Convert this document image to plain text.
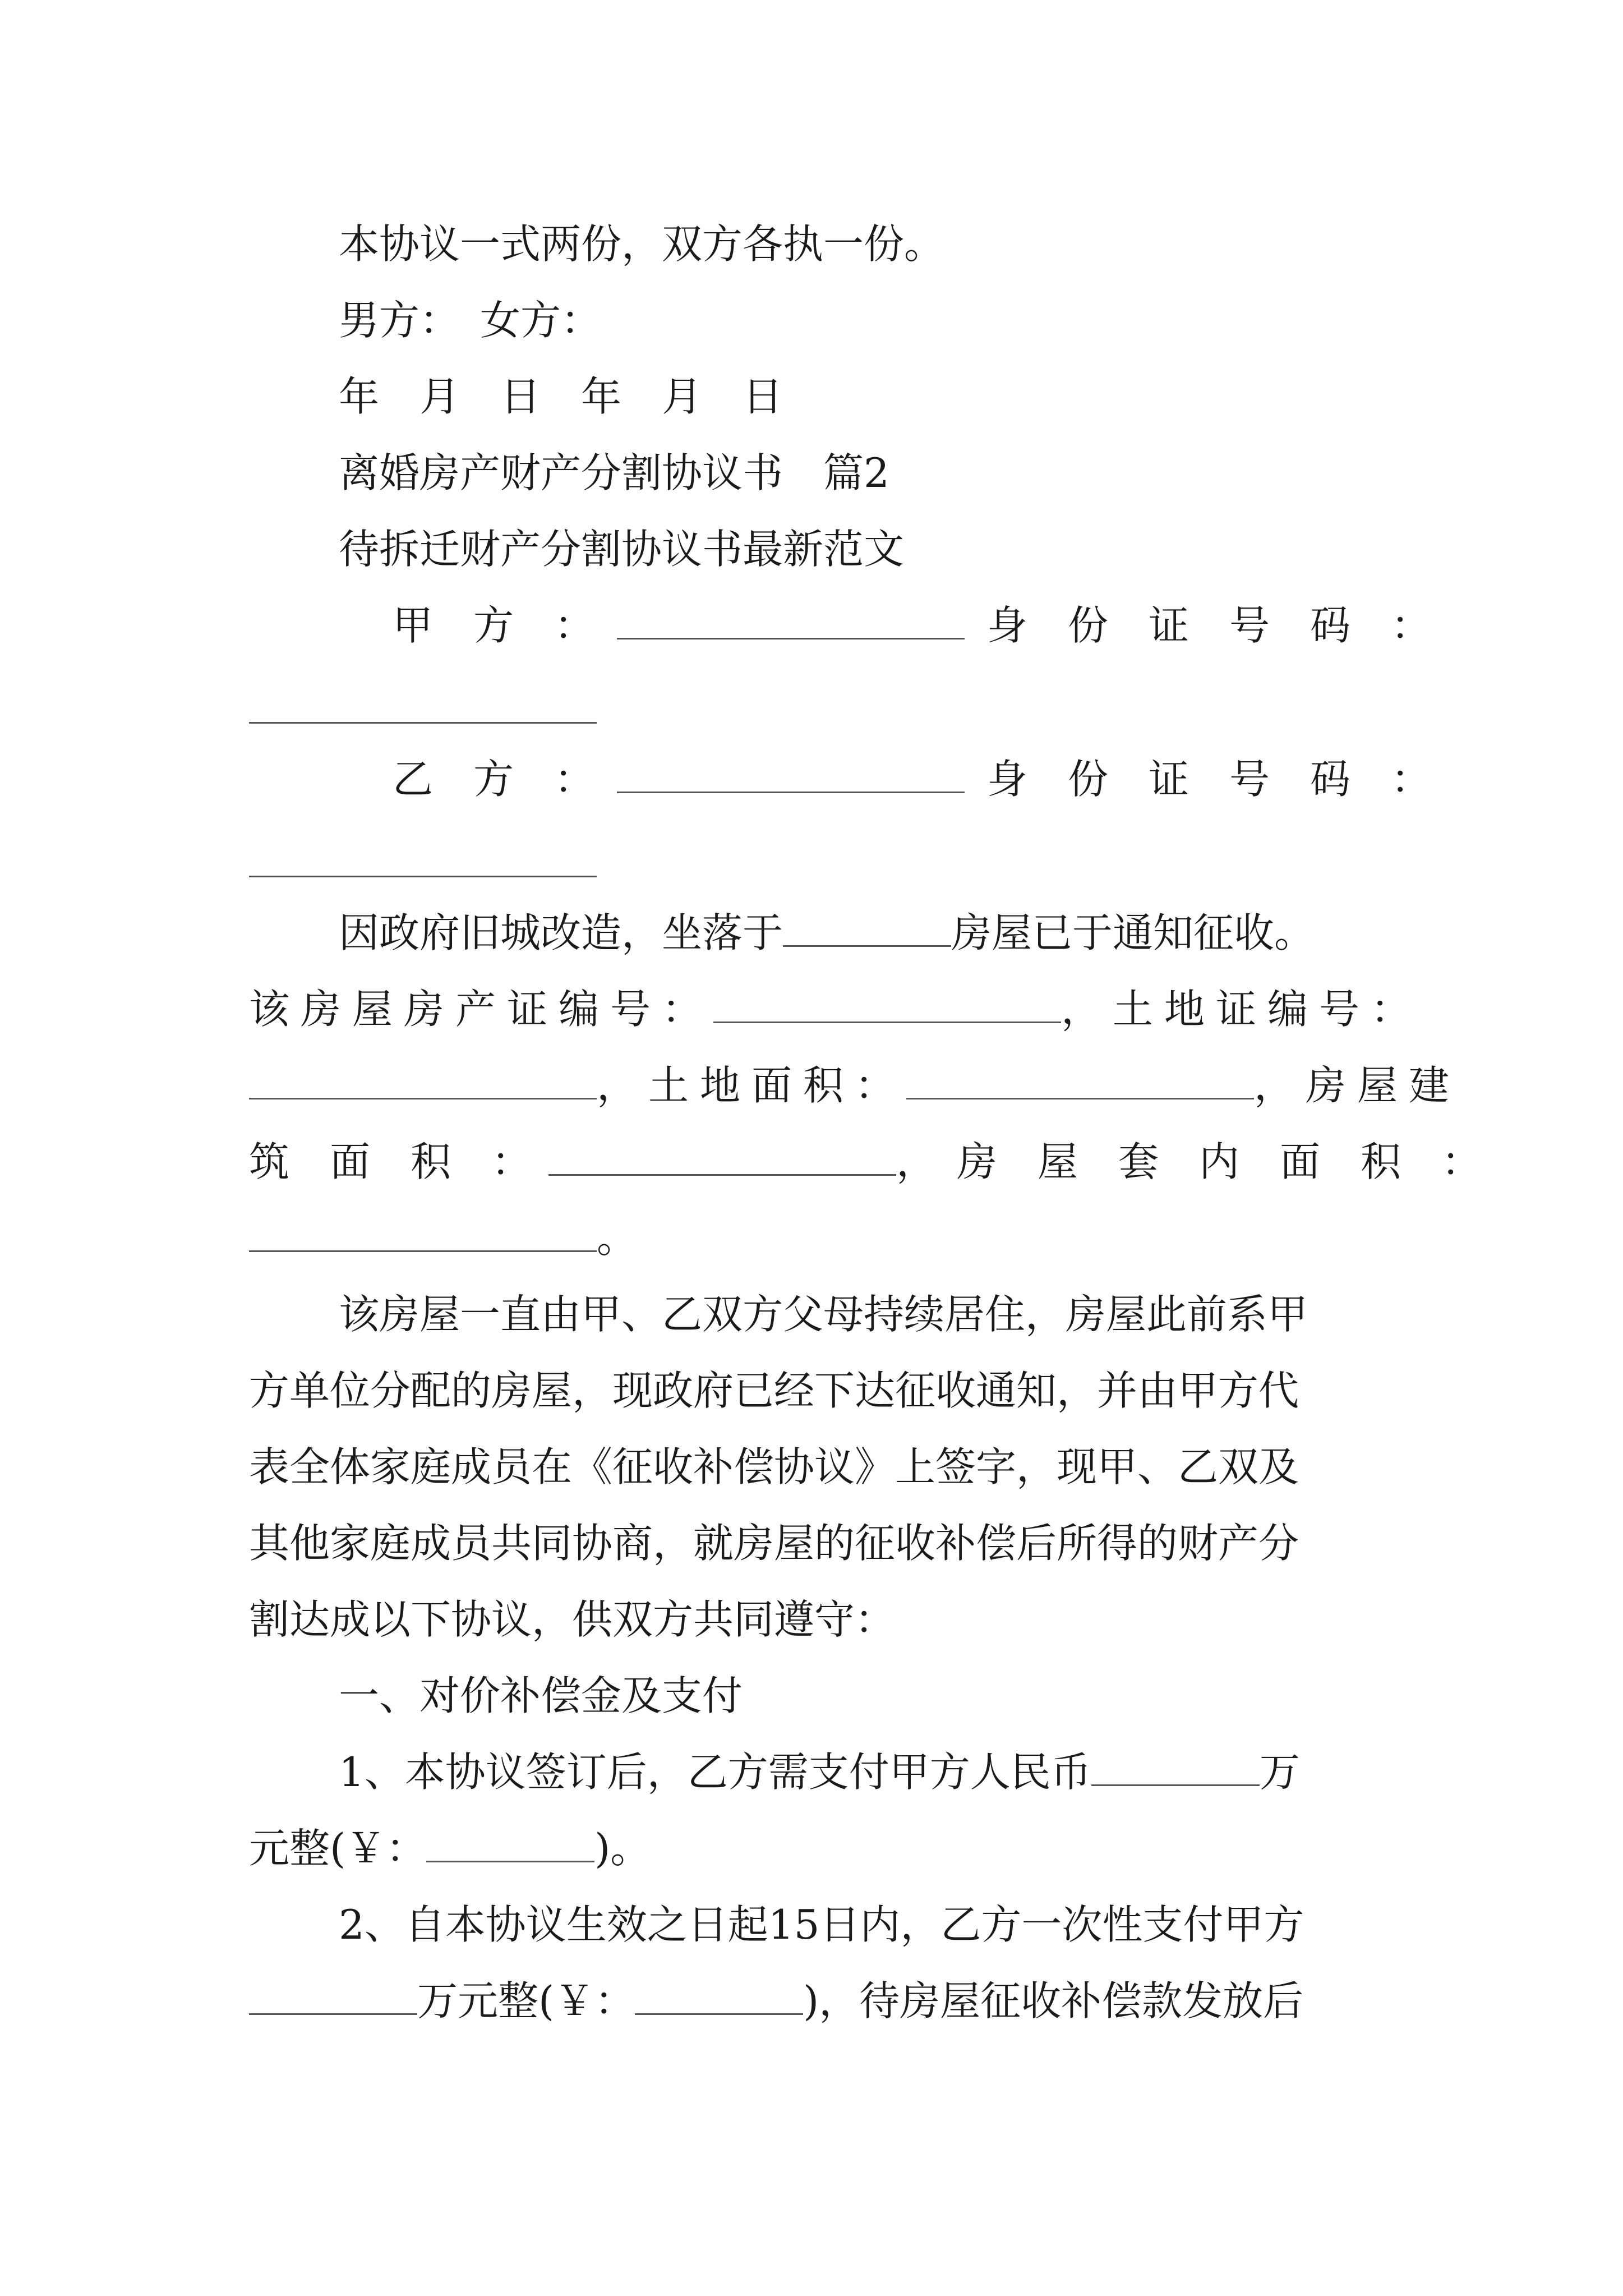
本协议一式两份，双方各执一份。
男方：　女方：
年　月　日　年　月　日
离婚房产财产分割协议书　篇2
待拆迁财产分割协议书最新范文
甲　方　：	身　份　证　号　码　：
乙　方　：	身　份　证　号　码　：
因政府旧城改造，坐落于	房屋已于通知征收。
该房屋房产证编号：	，土地证编号：
，土地面积：	，房屋建
筑　面　积　：	，　房　屋　套　内　面　积　：
。
该房屋一直由甲、乙双方父母持续居住，房屋此前系甲
方单位分配的房屋，现政府已经下达征收通知，并由甲方代
表全体家庭成员在《征收补偿协议》上签字，现甲、乙双及
其他家庭成员共同协商，就房屋的征收补偿后所得的财产分
割达成以下协议，供双方共同遵守：
一、对价补偿金及支付
1、本协议签订后，乙方需支付甲方人民币	万
元整(￥：	)。
2、自本协议生效之日起15日内，乙方一次性支付甲方
万元整(￥：	)，待房屋征收补偿款发放后
